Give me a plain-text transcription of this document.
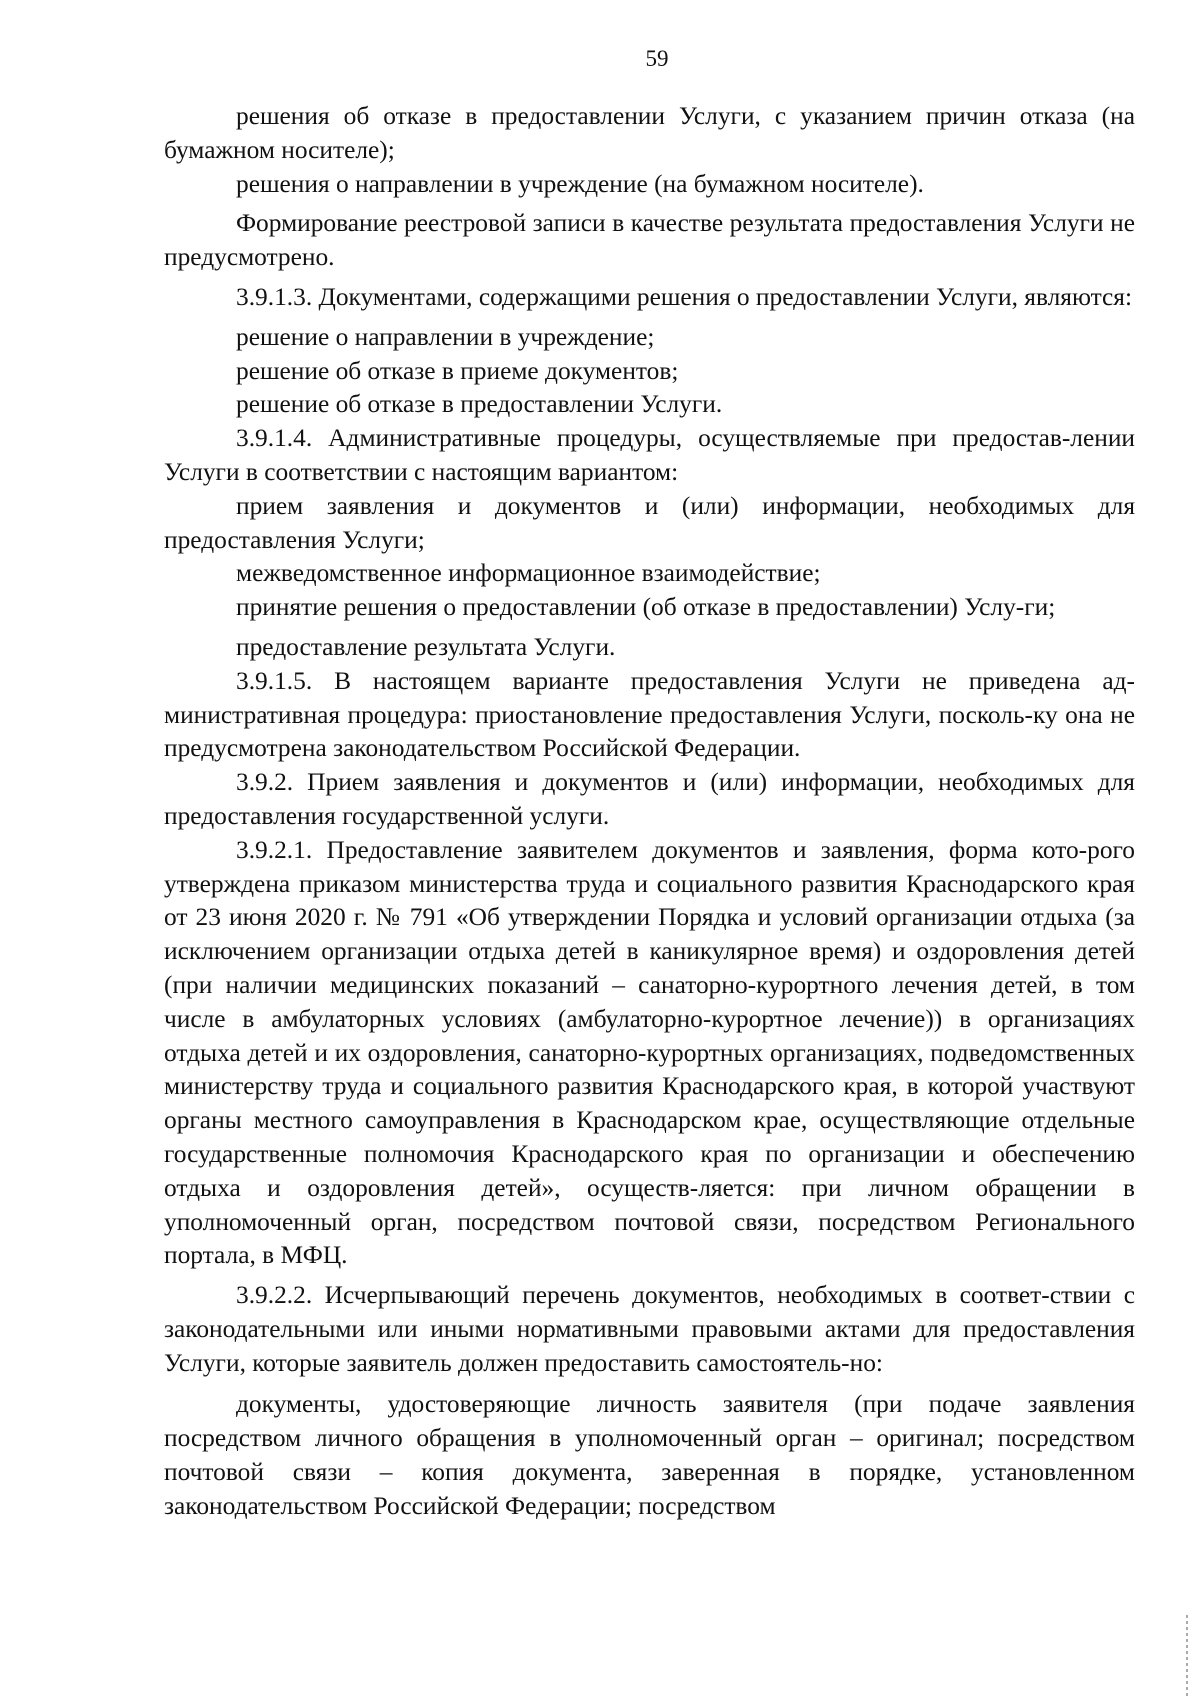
59

решения об отказе в предоставлении Услуги, с указанием причин отказа (на бумажном носителе);

решения о направлении в учреждение (на бумажном носителе).

Формирование реестровой записи в качестве результата предоставления Услуги не предусмотрено.

3.9.1.3. Документами, содержащими решения о предоставлении Услуги, являются:

решение о направлении в учреждение;

решение об отказе в приеме документов;

решение об отказе в предоставлении Услуги.

3.9.1.4. Административные процедуры, осуществляемые при предостав-лении Услуги в соответствии с настоящим вариантом:

прием заявления и документов и (или) информации, необходимых для предоставления Услуги;

межведомственное информационное взаимодействие;

принятие решения о предоставлении (об отказе в предоставлении) Услу-ги;

предоставление результата Услуги.

3.9.1.5. В настоящем варианте предоставления Услуги не приведена ад-министративная процедура: приостановление предоставления Услуги, посколь-ку она не предусмотрена законодательством Российской Федерации.

3.9.2. Прием заявления и документов и (или) информации, необходимых для предоставления государственной услуги.

3.9.2.1. Предоставление заявителем документов и заявления, форма кото-рого утверждена приказом министерства труда и социального развития Краснодарского края от 23 июня 2020 г. № 791 «Об утверждении Порядка и условий организации отдыха (за исключением организации отдыха детей в каникулярное время) и оздоровления детей (при наличии медицинских показаний – санаторно-курортного лечения детей, в том числе в амбулаторных условиях (амбулаторно-курортное лечение)) в организациях отдыха детей и их оздоровления, санаторно-курортных организациях, подведомственных министерству труда и социального развития Краснодарского края, в которой участвуют органы местного самоуправления в Краснодарском крае, осуществляющие отдельные государственные полномочия Краснодарского края по организации и обеспечению отдыха и оздоровления детей», осуществ-ляется: при личном обращении в уполномоченный орган, посредством почтовой связи, посредством Регионального портала, в МФЦ.

3.9.2.2. Исчерпывающий перечень документов, необходимых в соответ-ствии с законодательными или иными нормативными правовыми актами для предоставления Услуги, которые заявитель должен предоставить самостоятель-но:

документы, удостоверяющие личность заявителя (при подаче заявления посредством личного обращения в уполномоченный орган – оригинал; посредством почтовой связи – копия документа, заверенная в порядке, установленном законодательством Российской Федерации; посредством
